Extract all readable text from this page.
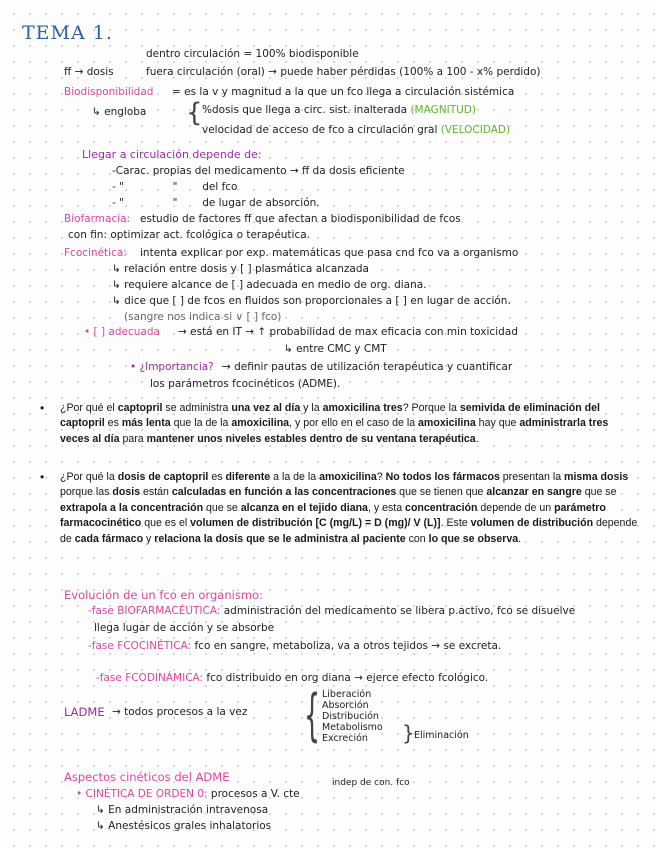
TEMA 1.
dentro circulación = 100% biodisponible
ff → dosis	fuera circulación (oral) → puede haber pérdidas (100% a 100 - x% perdido)
Biodisponibilidad = es la v y magnitud a la que un fco llega a circulación sistémica
↳ engloba { %dosis que llega a circ. sist. inalterada (MAGNITUD)
velocidad de acceso de fco a circulación gral (VELOCIDAD)
Llegar a circulación depende de:
-Carac. propias del medicamento → ff da dosis eficiente
- "	" del fco
- "	" de lugar de absorción.
Biofarmacia: estudio de factores ff que afectan a biodisponibilidad de fcos
con fin: optimizar act. fcológica o terapéutica.
Fcocinética: intenta explicar por exp. matemáticas que pasa cnd fco va a organismo
↳ relación entre dosis y [ ] plasmática alcanzada
↳ requiere alcance de [ ] adecuada en medio de org. diana.
↳ dice que [ ] de fcos en fluidos son proporcionales a [ ] en lugar de acción.
(sangre nos indica si ∨ [ ] fco)
• [ ] adecuada → está en IT → ↑ probabilidad de max eficacia con min toxicidad
↳ entre CMC y CMT
• ¿Importancia? → definir pautas de utilización terapéutica y cuantificar
los parámetros fcocinéticos (ADME).
• ¿Por qué el captopril se administra una vez al día y la amoxicilina tres? Porque la semivida de eliminación del captopril es más lenta que la de la amoxicilina, y por ello en el caso de la amoxicilina hay que administrarla tres veces al día para mantener unos niveles estables dentro de su ventana terapéutica.

• ¿Por qué la dosis de captopril es diferente a la de la amoxicilina? No todos los fármacos presentan la misma dosis porque las dosis están calculadas en función a las concentraciones que se tienen que alcanzar en sangre que se extrapola a la concentración que se alcanza en el tejido diana, y esta concentración depende de un parámetro farmacocinético que es el volumen de distribución [C (mg/L) = D (mg)/ V (L)]. Este volumen de distribución depende de cada fármaco y relaciona la dosis que se le administra al paciente con lo que se observa.

Evolución de un fco en organismo:
-fase BIOFARMACÉUTICA: administración del medicamento se libera p.activo, fco se disuelve
llega lugar de acción y se absorbe
-fase FCOCINÉTICA: fco en sangre, metaboliza, va a otros tejidos → se excreta.
-fase FCODINÁMICA: fco distribuido en org diana → ejerce efecto fcológico.
LADME → todos procesos a la vez { Liberación
Absorción
Distribución
Metabolismo
Excreción	} Eliminación
Aspectos cinéticos del ADME	indep de con. fco
• CINÉTICA DE ORDEN 0: procesos a V. cte
↳ En administración intravenosa
↳ Anestésicos grales inhalatorios
